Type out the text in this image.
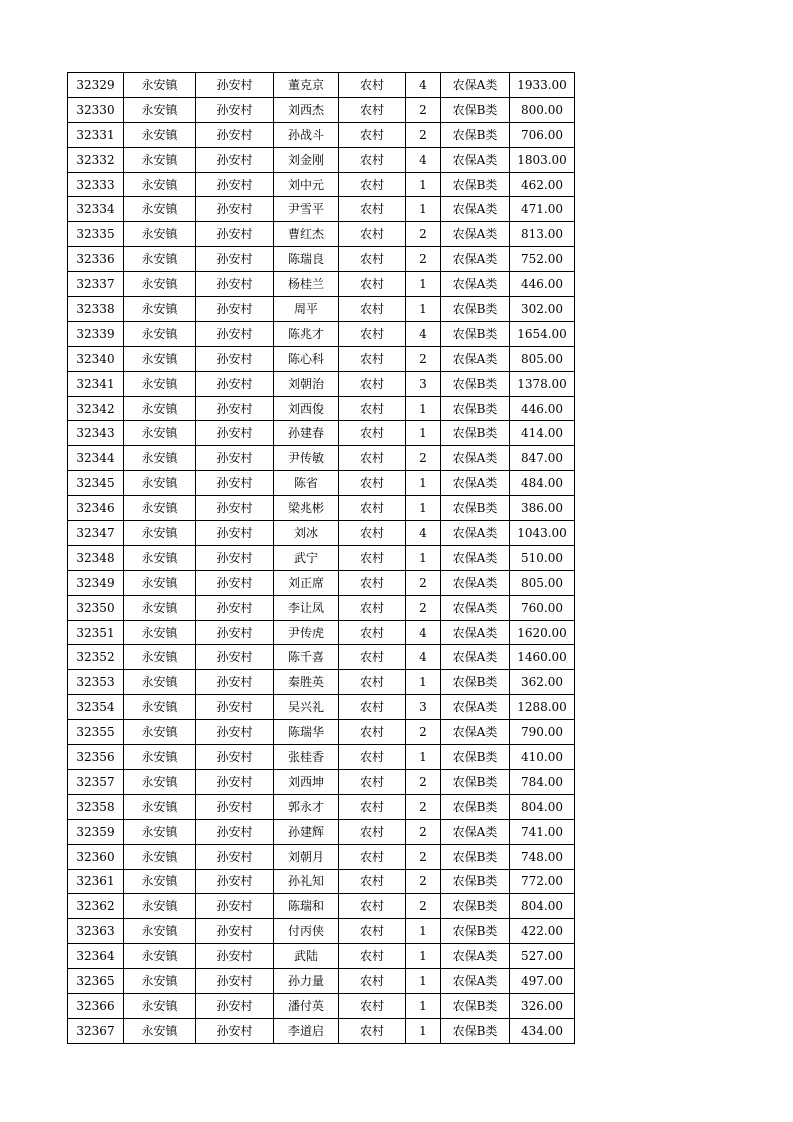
32329	永安镇	孙安村	董克京	农村	4	农保A类	1933.00
32330	永安镇	孙安村	刘西杰	农村	2	农保B类	800.00
32331	永安镇	孙安村	孙战斗	农村	2	农保B类	706.00
32332	永安镇	孙安村	刘金刚	农村	4	农保A类	1803.00
32333	永安镇	孙安村	刘中元	农村	1	农保B类	462.00
32334	永安镇	孙安村	尹雪平	农村	1	农保A类	471.00
32335	永安镇	孙安村	曹红杰	农村	2	农保A类	813.00
32336	永安镇	孙安村	陈瑞良	农村	2	农保A类	752.00
32337	永安镇	孙安村	杨桂兰	农村	1	农保A类	446.00
32338	永安镇	孙安村	周平	农村	1	农保B类	302.00
32339	永安镇	孙安村	陈兆才	农村	4	农保B类	1654.00
32340	永安镇	孙安村	陈心科	农村	2	农保A类	805.00
32341	永安镇	孙安村	刘朝治	农村	3	农保B类	1378.00
32342	永安镇	孙安村	刘西俊	农村	1	农保B类	446.00
32343	永安镇	孙安村	孙建春	农村	1	农保B类	414.00
32344	永安镇	孙安村	尹传敏	农村	2	农保A类	847.00
32345	永安镇	孙安村	陈省	农村	1	农保A类	484.00
32346	永安镇	孙安村	梁兆彬	农村	1	农保B类	386.00
32347	永安镇	孙安村	刘冰	农村	4	农保A类	1043.00
32348	永安镇	孙安村	武宁	农村	1	农保A类	510.00
32349	永安镇	孙安村	刘正席	农村	2	农保A类	805.00
32350	永安镇	孙安村	李让凤	农村	2	农保A类	760.00
32351	永安镇	孙安村	尹传虎	农村	4	农保A类	1620.00
32352	永安镇	孙安村	陈千喜	农村	4	农保A类	1460.00
32353	永安镇	孙安村	秦胜英	农村	1	农保B类	362.00
32354	永安镇	孙安村	吴兴礼	农村	3	农保A类	1288.00
32355	永安镇	孙安村	陈瑞华	农村	2	农保A类	790.00
32356	永安镇	孙安村	张桂香	农村	1	农保B类	410.00
32357	永安镇	孙安村	刘西坤	农村	2	农保B类	784.00
32358	永安镇	孙安村	郭永才	农村	2	农保B类	804.00
32359	永安镇	孙安村	孙建辉	农村	2	农保A类	741.00
32360	永安镇	孙安村	刘朝月	农村	2	农保B类	748.00
32361	永安镇	孙安村	孙礼知	农村	2	农保B类	772.00
32362	永安镇	孙安村	陈瑞和	农村	2	农保B类	804.00
32363	永安镇	孙安村	付丙侠	农村	1	农保B类	422.00
32364	永安镇	孙安村	武陆	农村	1	农保A类	527.00
32365	永安镇	孙安村	孙力量	农村	1	农保A类	497.00
32366	永安镇	孙安村	潘付英	农村	1	农保B类	326.00
32367	永安镇	孙安村	李道启	农村	1	农保B类	434.00
